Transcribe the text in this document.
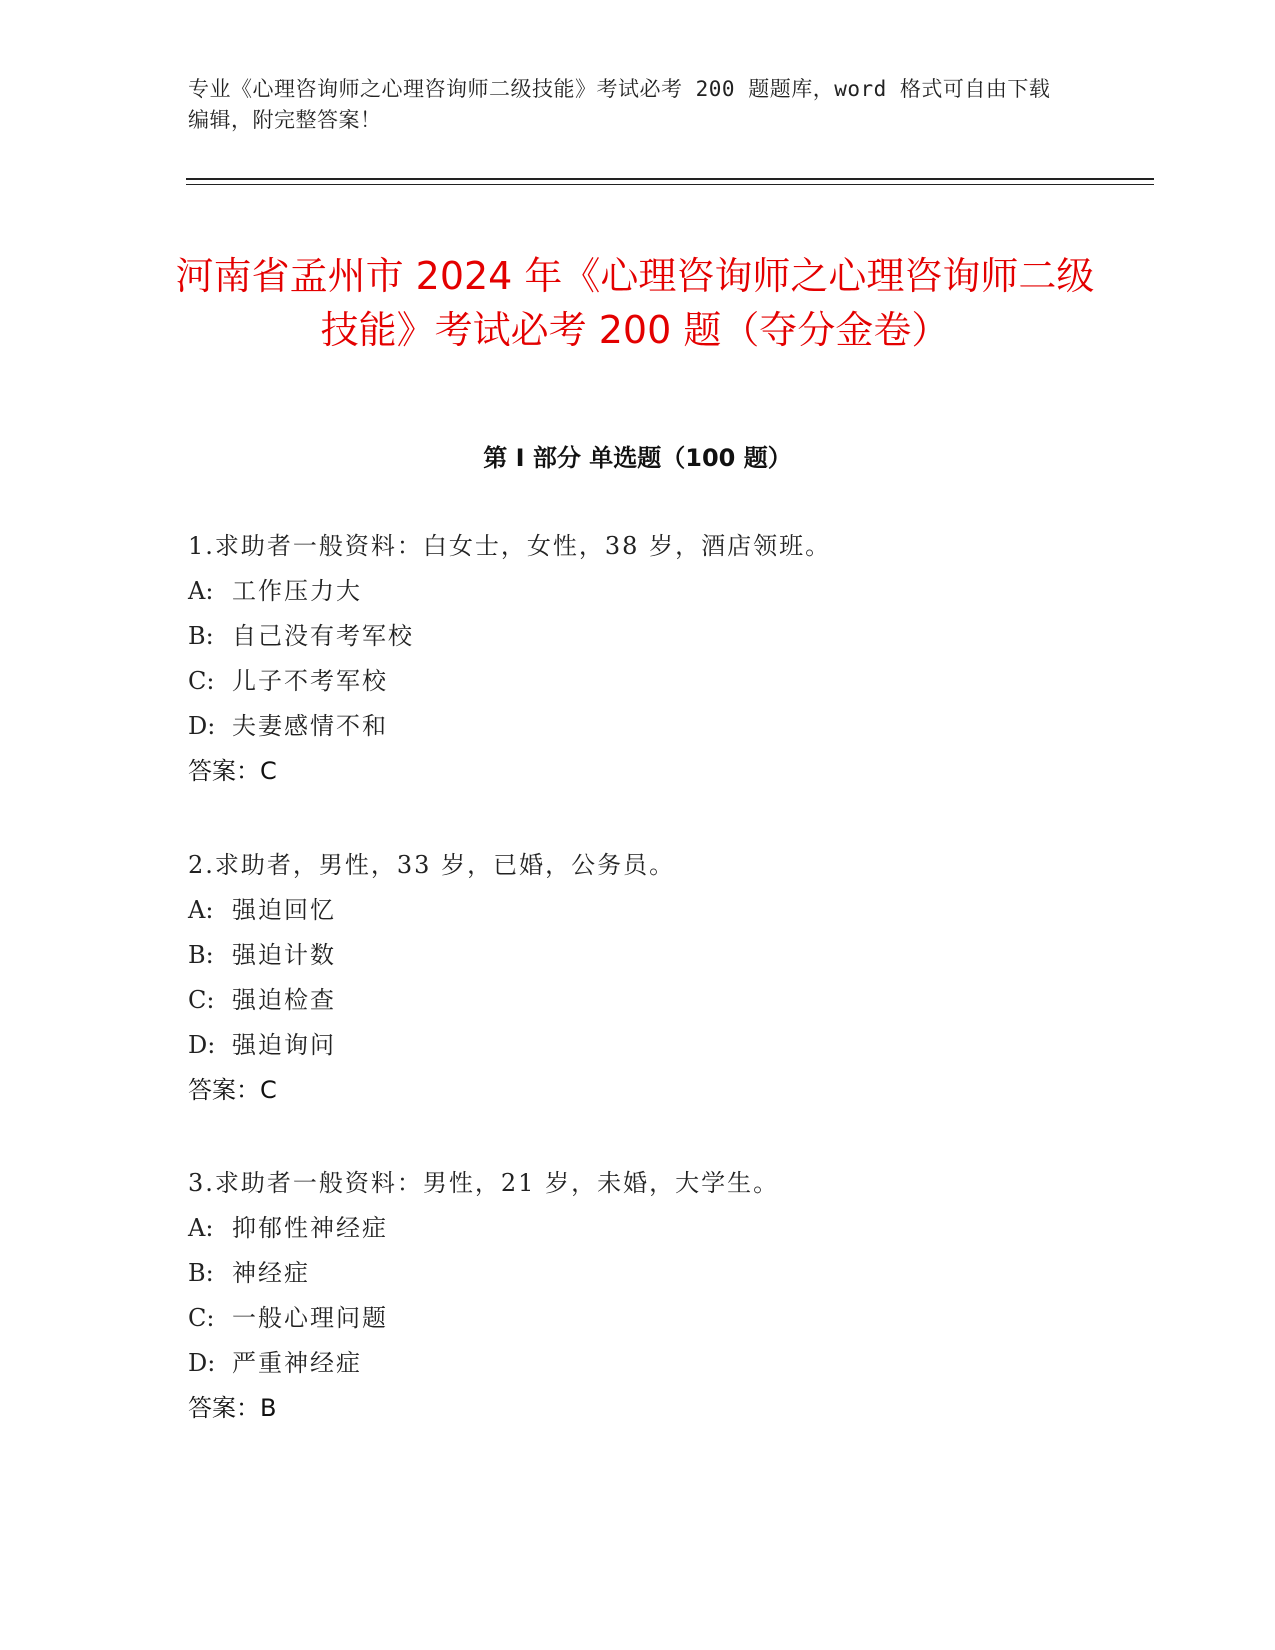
专业《心理咨询师之心理咨询师二级技能》考试必考 200 题题库，word 格式可自由下载编辑，附完整答案！
河南省孟州市 2024 年《心理咨询师之心理咨询师二级技能》考试必考 200 题（夺分金卷）
第 I 部分 单选题（100 题）
1.求助者一般资料：白女士，女性，38 岁，酒店领班。
A: 工作压力大
B: 自己没有考军校
C: 儿子不考军校
D: 夫妻感情不和
答案：C
2.求助者，男性，33 岁，已婚，公务员。
A: 强迫回忆
B: 强迫计数
C: 强迫检查
D: 强迫询问
答案：C
3.求助者一般资料：男性，21 岁，未婚，大学生。
A: 抑郁性神经症
B: 神经症
C: 一般心理问题
D: 严重神经症
答案：B
